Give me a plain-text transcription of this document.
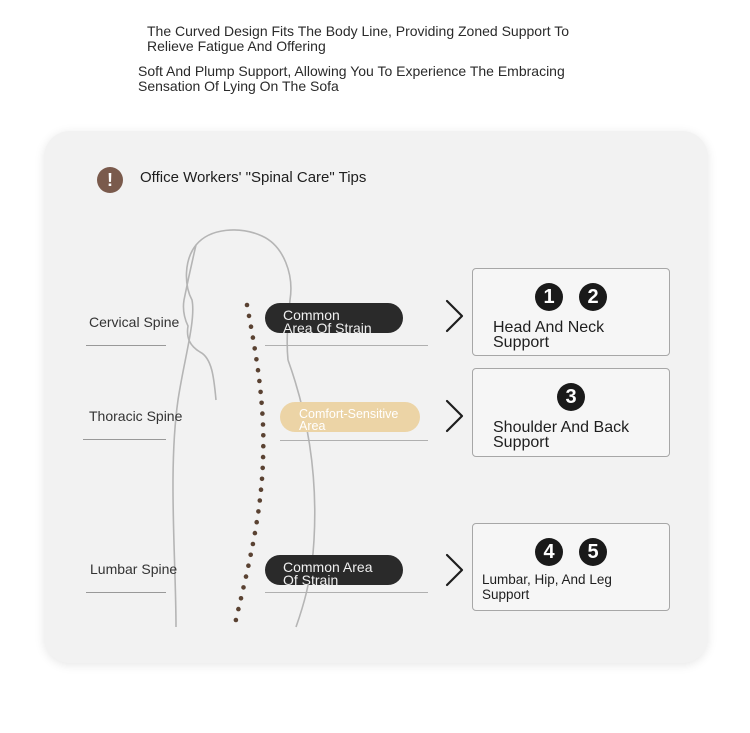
The Curved Design Fits The Body Line, Providing Zoned Support To
Relieve Fatigue And Offering
Soft And Plump Support, Allowing You To Experience The Embracing
Sensation Of Lying On The Sofa
!	Office Workers' "Spinal Care" Tips
Cervical Spine
Thoracic Spine
Lumbar Spine
Common
Area Of Strain
Comfort-Sensitive
Area
Common Area
Of Strain
1 2
Head And Neck
Support
3
Shoulder And Back
Support
4 5
Lumbar, Hip, And Leg
Support
